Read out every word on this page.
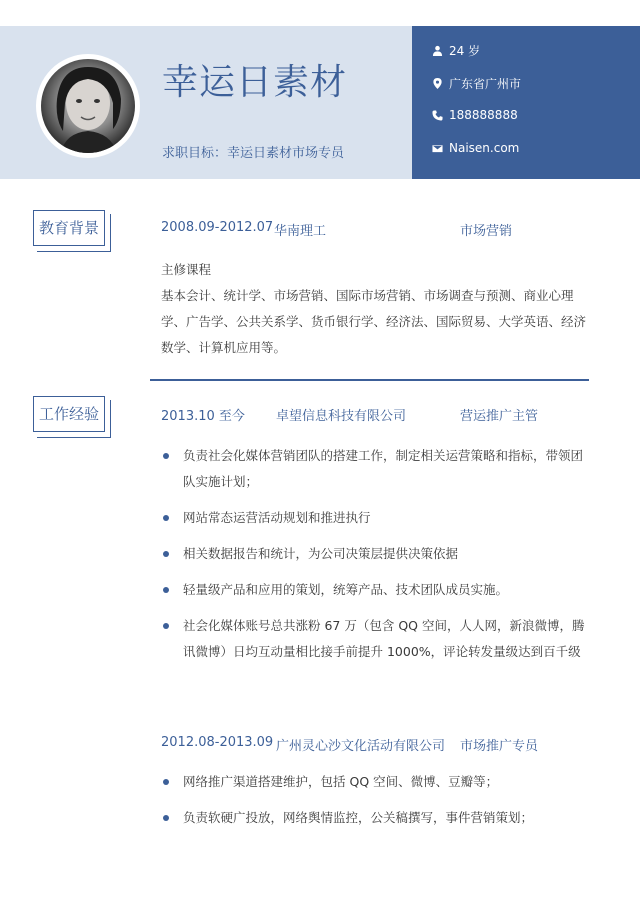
幸运日素材
求职目标：幸运日素材市场专员
24 岁
广东省广州市
188888888
Naisen.com
教育背景	2008.09-2012.07 华南理工	市场营销
主修课程
基本会计、统计学、市场营销、国际市场营销、市场调查与预测、商业心理学、广告学、公共关系学、货币银行学、经济法、国际贸易、大学英语、经济数学、计算机应用等。
工作经验	2013.10 至今 卓望信息科技有限公司	营运推广主管
负责社会化媒体营销团队的搭建工作，制定相关运营策略和指标，带领团队实施计划；
网站常态运营活动规划和推进执行
相关数据报告和统计，为公司决策层提供决策依据
轻量级产品和应用的策划，统筹产品、技术团队成员实施。
社会化媒体账号总共涨粉 67 万（包含 QQ 空间，人人网，新浪微博，腾讯微博）日均互动量相比接手前提升 1000%，评论转发量级达到百千级
2012.08-2013.09 广州灵心沙文化活动有限公司 市场推广专员
网络推广渠道搭建维护，包括 QQ 空间、微博、豆瓣等；
负责软硬广投放，网络舆情监控，公关稿撰写，事件营销策划；
